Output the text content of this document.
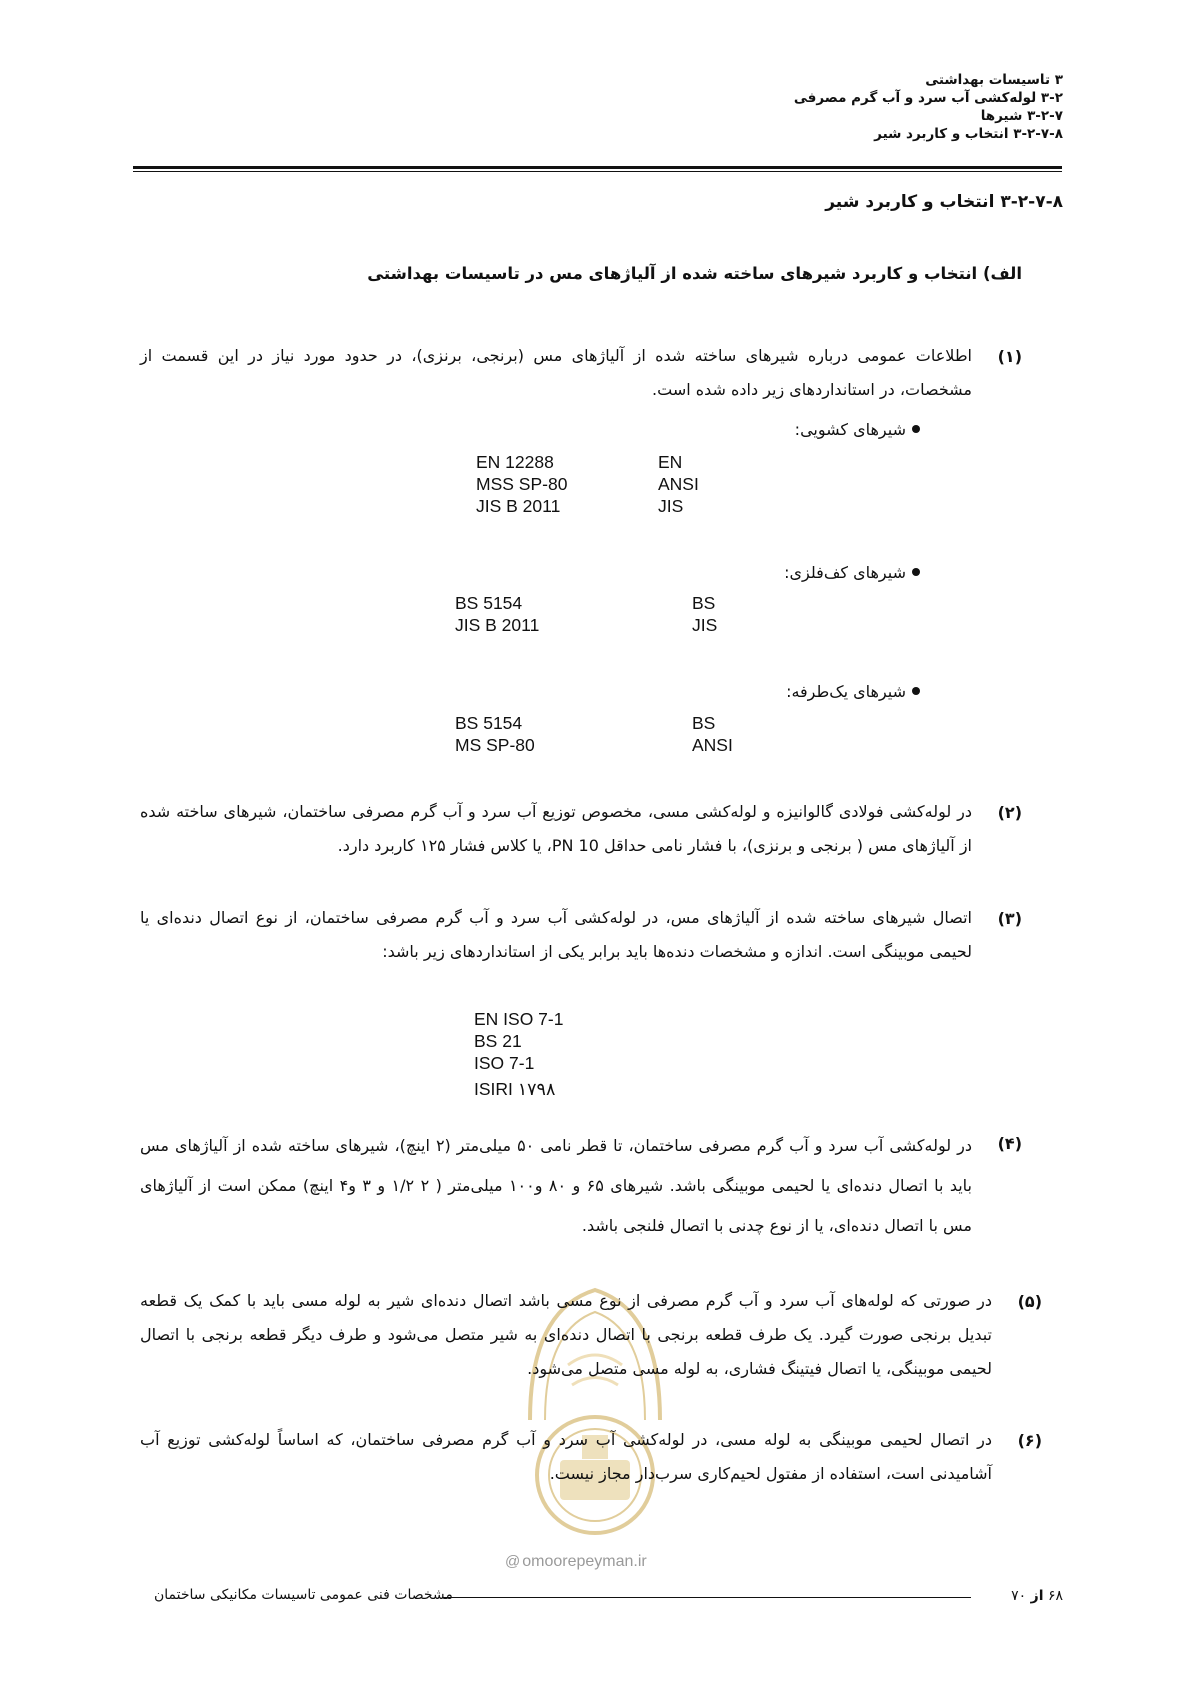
۳ تاسیسات بهداشتی
۳-۲ لوله‌کشی آب سرد و آب گرم مصرفی
۳-۲-۷ شیرها
۳-۲-۷-۸ انتخاب و کاربرد شیر
۳-۲-۷-۸ انتخاب و کاربرد شیر
الف) انتخاب و کاربرد شیرهای ساخته شده از آلیاژهای مس در تاسیسات بهداشتی
(۱)
اطلاعات عمومی درباره شیرهای ساخته شده از آلیاژهای مس (برنجی، برنزی)، در حدود مورد نیاز در این قسمت از مشخصات، در استانداردهای زیر داده شده است.
شیرهای کشویی:
EN 12288
MSS SP-80
JIS B 2011
EN
ANSI
JIS
شیرهای کف‌فلزی:
BS 5154
JIS B 2011
BS
JIS
شیرهای یک‌طرفه:
BS 5154
MS SP-80
BS
ANSI
(۲)
در لوله‌کشی فولادی گالوانیزه و لوله‌کشی مسی، مخصوص توزیع آب سرد و آب گرم مصرفی ساختمان، شیرهای ساخته شده از آلیاژهای مس ( برنجی و برنزی)، با فشار نامی حداقل PN 10، یا کلاس فشار ۱۲۵ کاربرد دارد.
(۳)
اتصال شیرهای ساخته شده از آلیاژهای مس، در لوله‌کشی آب سرد و آب گرم مصرفی ساختمان، از نوع اتصال دنده‌ای یا لحیمی موبینگی است. اندازه و مشخصات دنده‌ها باید برابر یکی از استانداردهای زیر باشد:
EN ISO 7-1
BS 21
ISO 7-1
ISIRI ۱۷۹۸
(۴)
در لوله‌کشی آب سرد و آب گرم مصرفی ساختمان، تا قطر نامی ۵۰ میلی‌متر (۲ اینچ)، شیرهای ساخته شده از آلیاژهای مس باید با اتصال دنده‌ای یا لحیمی موبینگی باشد. شیرهای ۶۵ و ۸۰ و۱۰۰ میلی‌متر ( ۲ ۱/۲ و ۳ و۴ اینچ) ممکن است از آلیاژهای مس با اتصال دنده‌ای، یا از نوع چدنی با اتصال فلنجی باشد.
@ omoorepeyman.ir
(۵)
در صورتی که لوله‌های آب سرد و آب گرم مصرفی از نوع مسی باشد اتصال دنده‌ای شیر به لوله مسی باید با کمک یک قطعه تبدیل برنجی صورت گیرد. یک طرف قطعه برنجی با اتصال دنده‌ای به شیر متصل می‌شود و طرف دیگر قطعه برنجی با اتصال لحیمی موبینگی، یا اتصال فیتینگ فشاری، به لوله مسی متصل می‌شود.
(۶)
در اتصال لحیمی موبینگی به لوله مسی، در لوله‌کشی آب سرد و آب گرم مصرفی ساختمان، که اساساً لوله‌کشی توزیع آب آشامیدنی است، استفاده از مفتول لحیم‌کاری سرب‌دار مجاز نیست.
مشخصات فنی عمومی تاسیسات مکانیکی ساختمان	۶۸ از ۷۰
